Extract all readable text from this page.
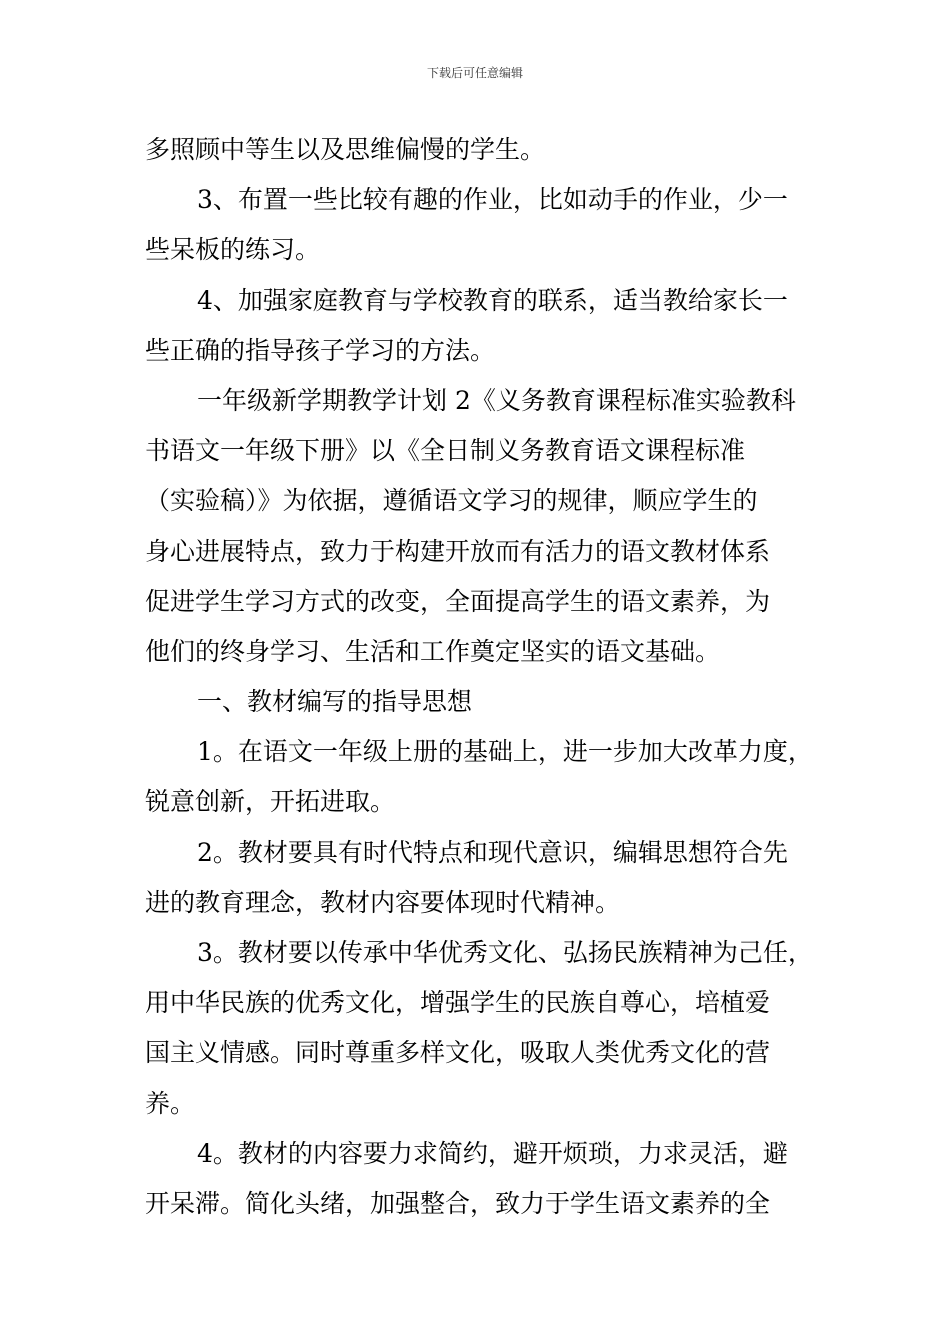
下载后可任意编辑
多照顾中等生以及思维偏慢的学生。
3、布置一些比较有趣的作业，比如动手的作业，少一
些呆板的练习。
4、加强家庭教育与学校教育的联系，适当教给家长一
些正确的指导孩子学习的方法。
一年级新学期教学计划 2《义务教育课程标准实验教科
书语文一年级下册》以《全日制义务教育语文课程标准
（实验稿）》为依据，遵循语文学习的规律，顺应学生的
身心进展特点，致力于构建开放而有活力的语文教材体系
促进学生学习方式的改变，全面提高学生的语文素养，为
他们的终身学习、生活和工作奠定坚实的语文基础。
一、教材编写的指导思想
1。在语文一年级上册的基础上，进一步加大改革力度，
锐意创新，开拓进取。
2。教材要具有时代特点和现代意识，编辑思想符合先
进的教育理念，教材内容要体现时代精神。
3。教材要以传承中华优秀文化、弘扬民族精神为己任，
用中华民族的优秀文化，增强学生的民族自尊心，培植爱
国主义情感。同时尊重多样文化，吸取人类优秀文化的营
养。
4。教材的内容要力求简约，避开烦琐，力求灵活，避
开呆滞。简化头绪，加强整合，致力于学生语文素养的全
